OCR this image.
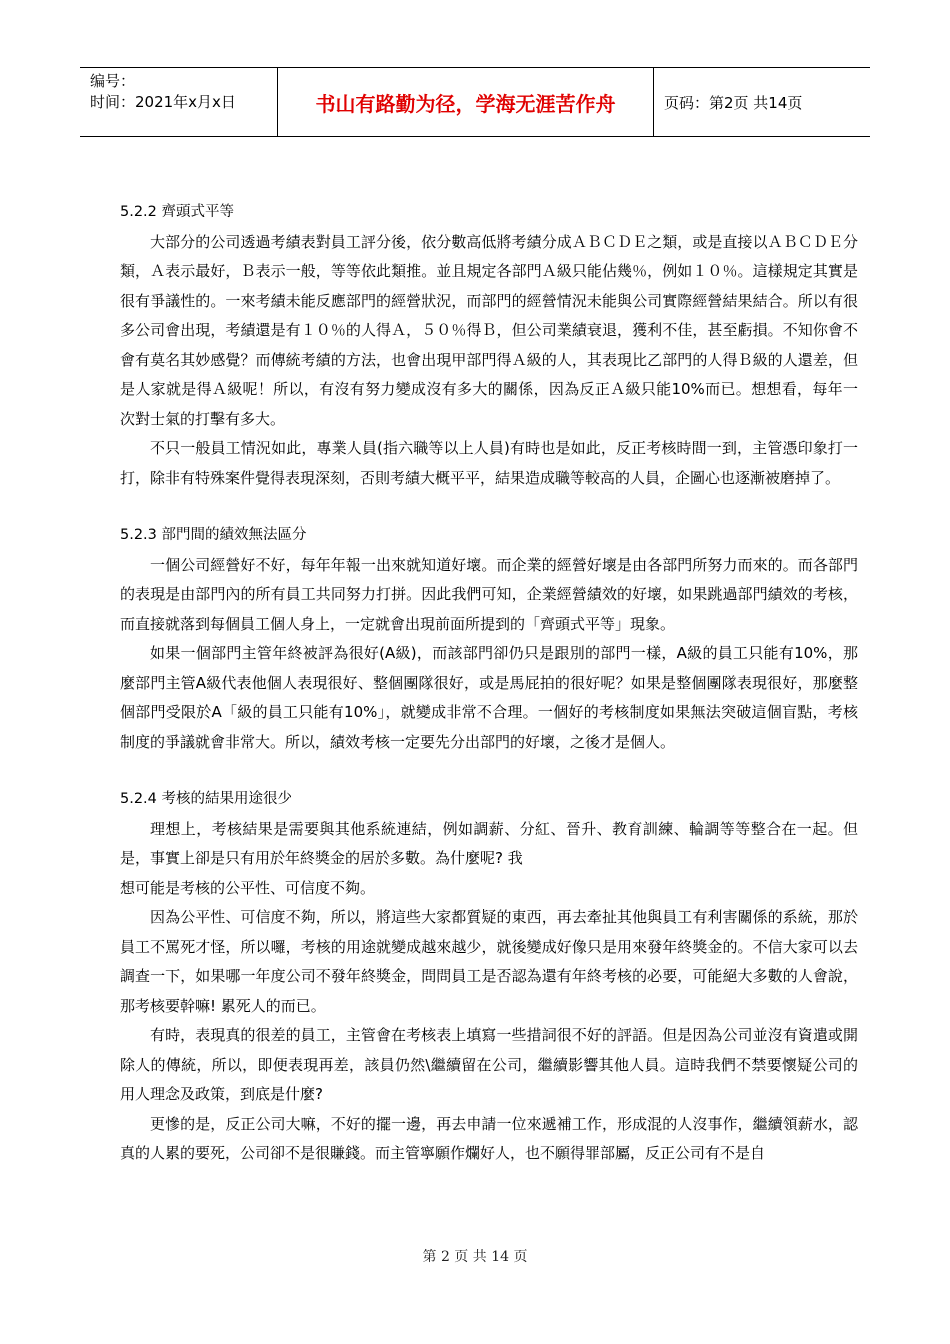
编号：
时间：2021年x月x日	书山有路勤为径，学海无涯苦作舟	页码：第2页 共14页

5.2.2 齊頭式平等

大部分的公司透過考績表對員工評分後，依分數高低將考績分成ＡＢＣＤＥ之類，或是直接以ＡＢＣＤＥ分類，Ａ表示最好，Ｂ表示一般，等等依此類推。並且規定各部門Ａ級只能佔幾％，例如１０％。這樣規定其實是很有爭議性的。一來考績未能反應部門的經營狀況，而部門的經營情況未能與公司實際經營結果結合。所以有很多公司會出現，考績還是有１０％的人得Ａ，５０％得Ｂ，但公司業績衰退，獲利不佳，甚至虧損。不知你會不會有莫名其妙感覺？而傳統考績的方法，也會出現甲部門得Ａ級的人，其表現比乙部門的人得Ｂ級的人還差，但是人家就是得Ａ級呢！所以，有沒有努力變成沒有多大的關係，因為反正Ａ級只能10%而已。想想看，每年一次對士氣的打擊有多大。

不只一般員工情況如此，專業人員(指六職等以上人員)有時也是如此，反正考核時間一到，主管憑印象打一打，除非有特殊案件覺得表現深刻，否則考績大概平平，結果造成職等較高的人員，企圖心也逐漸被磨掉了。

5.2.3 部門間的績效無法區分

一個公司經營好不好，每年年報一出來就知道好壞。而企業的經營好壞是由各部門所努力而來的。而各部門的表現是由部門內的所有員工共同努力打拼。因此我們可知，企業經營績效的好壞，如果跳過部門績效的考核，而直接就落到每個員工個人身上，一定就會出現前面所提到的「齊頭式平等」現象。

如果一個部門主管年終被評為很好(A級)，而該部門卻仍只是跟別的部門一樣，A級的員工只能有10%，那麼部門主管A級代表他個人表現很好、整個團隊很好，或是馬屁拍的很好呢？如果是整個團隊表現很好，那麼整個部門受限於A「級的員工只能有10%」，就變成非常不合理。一個好的考核制度如果無法突破這個盲點，考核制度的爭議就會非常大。所以，績效考核一定要先分出部門的好壞，之後才是個人。

5.2.4 考核的結果用途很少

理想上，考核結果是需要與其他系統連結，例如調薪、分紅、晉升、教育訓練、輪調等等整合在一起。但是，事實上卻是只有用於年終獎金的居於多數。為什麼呢? 我

想可能是考核的公平性、可信度不夠。

因為公平性、可信度不夠，所以，將這些大家都質疑的東西，再去牽扯其他與員工有利害關係的系統，那於員工不罵死才怪，所以囉，考核的用途就變成越來越少，就後變成好像只是用來發年終獎金的。不信大家可以去調查一下，如果哪一年度公司不發年終獎金，問問員工是否認為還有年終考核的必要，可能絕大多數的人會說，那考核要幹嘛! 累死人的而已。

有時，表現真的很差的員工，主管會在考核表上填寫一些措詞很不好的評語。但是因為公司並沒有資遣或開除人的傳統，所以，即便表現再差，該員仍然\繼續留在公司，繼續影響其他人員。這時我們不禁要懷疑公司的用人理念及政策，到底是什麼?

更慘的是，反正公司大嘛，不好的擺一邊，再去申請一位來遞補工作，形成混的人沒事作，繼續領薪水，認真的人累的要死，公司卻不是很賺錢。而主管寧願作爛好人，也不願得罪部屬，反正公司有不是自

第 2 页 共 14 页
